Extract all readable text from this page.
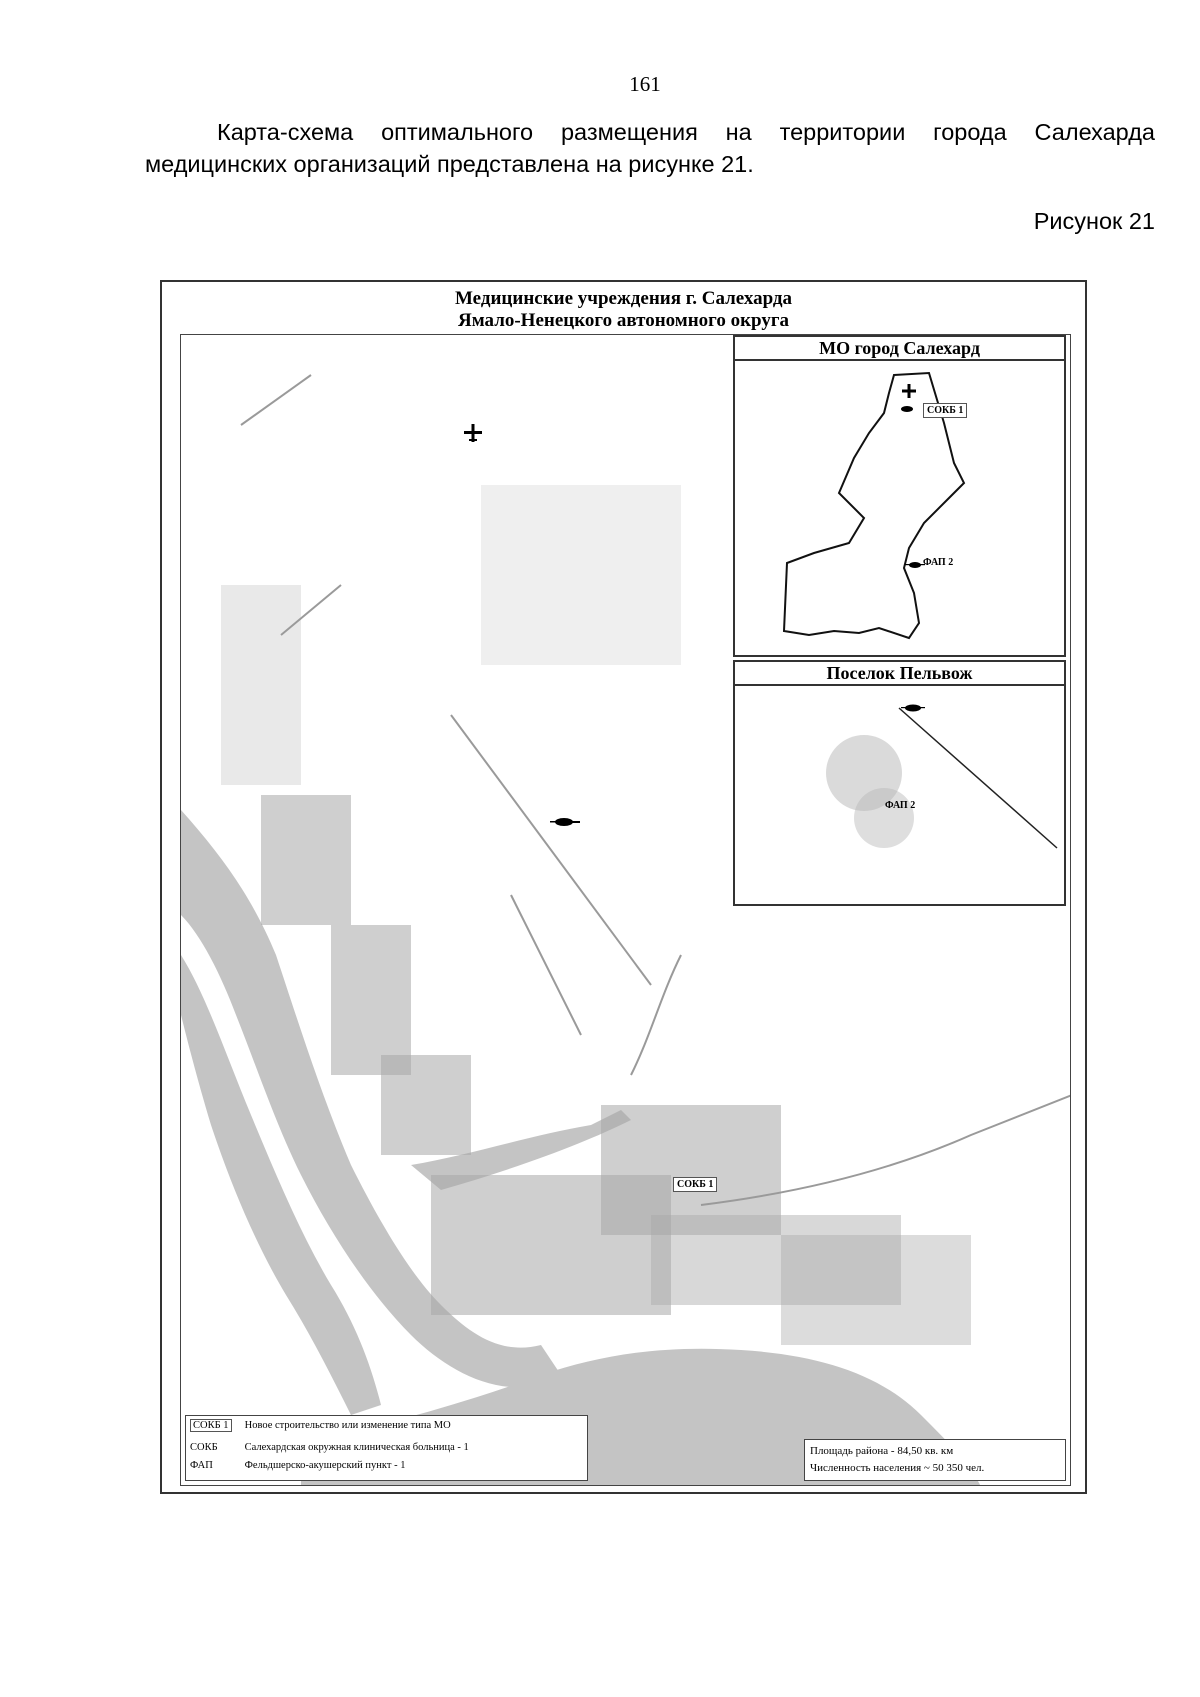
161

Карта-схема оптимального размещения на территории города Салехарда медицинских организаций представлена на рисунке 21.

Рисунок 21
Медицинские учреждения г. Салехарда
Ямало-Ненецкого автономного округа
СОКБ 1
МО город Салехард
СОКБ 1
ФАП 2
Поселок Пельвож
ФАП 2
СОКБ 1 Новое строительство или изменение типа МО
СОКБ	Салехардская окружная клиническая больница - 1
ФАП	Фельдшерско-акушерский пункт - 1
Площадь района - 84,50 кв. км
Численность населения ~ 50 350 чел.
